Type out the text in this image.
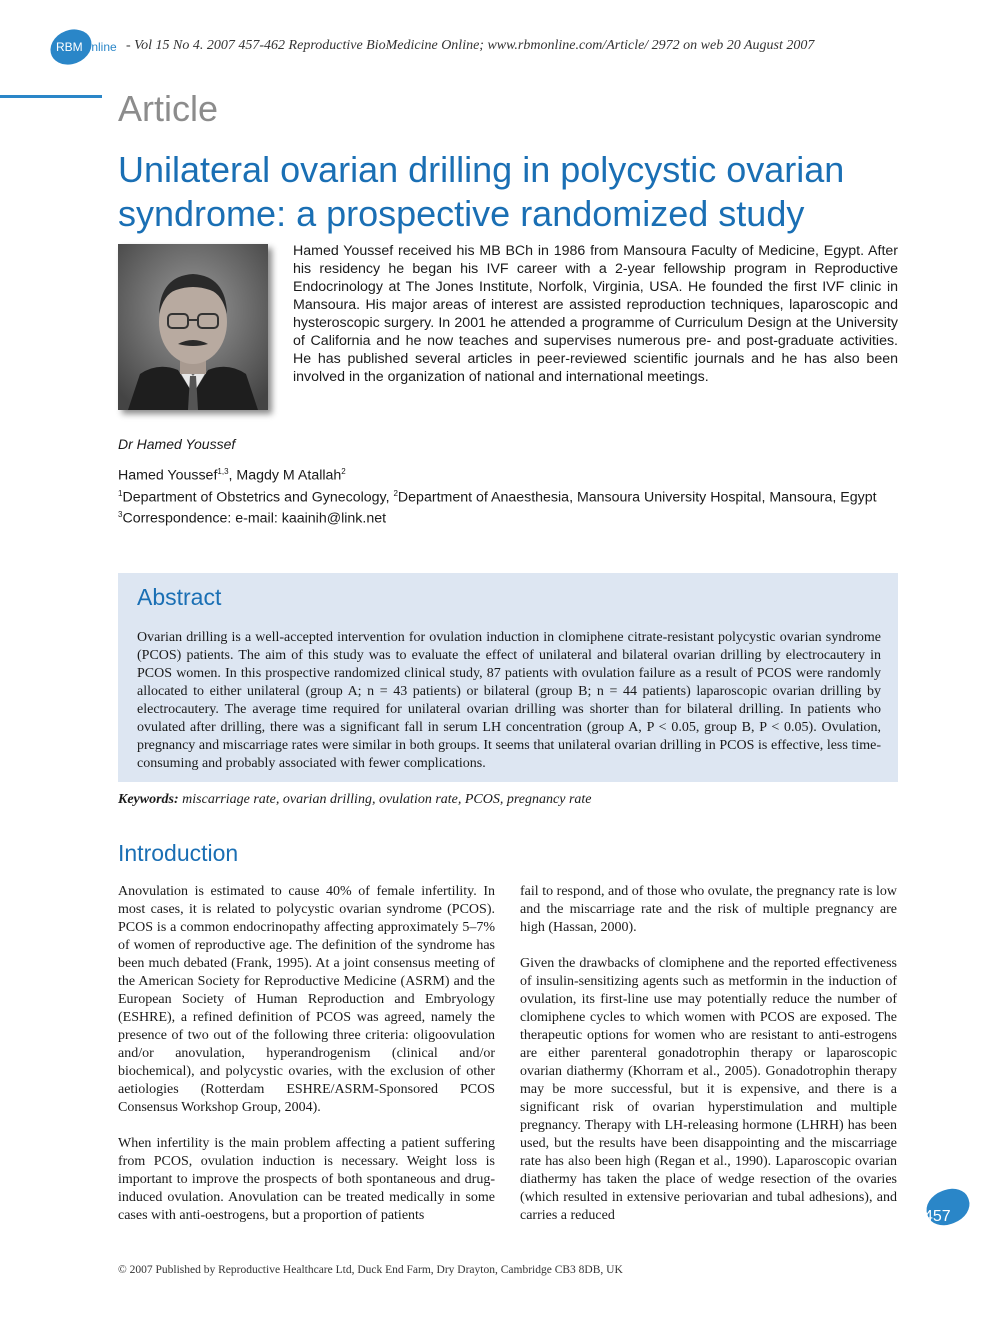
RBM Online - Vol 15 No 4. 2007 457-462 Reproductive BioMedicine Online; www.rbmonline.com/Article/ 2972 on web 20 August 2007
Article
Unilateral ovarian drilling in polycystic ovarian syndrome: a prospective randomized study
Hamed Youssef received his MB BCh in 1986 from Mansoura Faculty of Medicine, Egypt. After his residency he began his IVF career with a 2-year fellowship program in Reproductive Endocrinology at The Jones Institute, Norfolk, Virginia, USA. He founded the first IVF clinic in Mansoura. His major areas of interest are assisted reproduction techniques, laparoscopic and hysteroscopic surgery. In 2001 he attended a programme of Curriculum Design at the University of California and he now teaches and supervises numerous pre- and post-graduate activities. He has published several articles in peer-reviewed scientific journals and he has also been involved in the organization of national and international meetings.
Dr Hamed Youssef
Hamed Youssef$^{1,3}$, Magdy M Atallah$^2$
$^1$Department of Obstetrics and Gynecology, $^2$Department of Anaesthesia, Mansoura University Hospital, Mansoura, Egypt
$^3$Correspondence: e-mail: kaainih@link.net
Abstract
Ovarian drilling is a well-accepted intervention for ovulation induction in clomiphene citrate-resistant polycystic ovarian syndrome (PCOS) patients. The aim of this study was to evaluate the effect of unilateral and bilateral ovarian drilling by electrocautery in PCOS women. In this prospective randomized clinical study, 87 patients with ovulation failure as a result of PCOS were randomly allocated to either unilateral (group A; n = 43 patients) or bilateral (group B; n = 44 patients) laparoscopic ovarian drilling by electrocautery. The average time required for unilateral ovarian drilling was shorter than for bilateral drilling. In patients who ovulated after drilling, there was a significant fall in serum LH concentration (group A, P < 0.05, group B, P < 0.05). Ovulation, pregnancy and miscarriage rates were similar in both groups. It seems that unilateral ovarian drilling in PCOS is effective, less time-consuming and probably associated with fewer complications.
Keywords: miscarriage rate, ovarian drilling, ovulation rate, PCOS, pregnancy rate
Introduction

Anovulation is estimated to cause 40% of female infertility. In most cases, it is related to polycystic ovarian syndrome (PCOS). PCOS is a common endocrinopathy affecting approximately 5–7% of women of reproductive age. The definition of the syndrome has been much debated (Frank, 1995). At a joint consensus meeting of the American Society for Reproductive Medicine (ASRM) and the European Society of Human Reproduction and Embryology (ESHRE), a refined definition of PCOS was agreed, namely the presence of two out of the following three criteria: oligoovulation and/or anovulation, hyperandrogenism (clinical and/or biochemical), and polycystic ovaries, with the exclusion of other aetiologies (Rotterdam ESHRE/ASRM-Sponsored PCOS Consensus Workshop Group, 2004).

When infertility is the main problem affecting a patient suffering from PCOS, ovulation induction is necessary. Weight loss is important to improve the prospects of both spontaneous and drug-induced ovulation. Anovulation can be treated medically in some cases with anti-oestrogens, but a proportion of patients

fail to respond, and of those who ovulate, the pregnancy rate is low and the miscarriage rate and the risk of multiple pregnancy are high (Hassan, 2000).

Given the drawbacks of clomiphene and the reported effectiveness of insulin-sensitizing agents such as metformin in the induction of ovulation, its first-line use may potentially reduce the number of clomiphene cycles to which women with PCOS are exposed. The therapeutic options for women who are resistant to anti-estrogens are either parenteral gonadotrophin therapy or laparoscopic ovarian diathermy (Khorram et al., 2005). Gonadotrophin therapy may be more successful, but it is expensive, and there is a significant risk of ovarian hyperstimulation and multiple pregnancy. Therapy with LH-releasing hormone (LHRH) has been used, but the results have been disappointing and the miscarriage rate has also been high (Regan et al., 1990). Laparoscopic ovarian diathermy has taken the place of wedge resection of the ovaries (which resulted in extensive periovarian and tubal adhesions), and carries a reduced	457
© 2007 Published by Reproductive Healthcare Ltd, Duck End Farm, Dry Drayton, Cambridge CB3 8DB, UK
